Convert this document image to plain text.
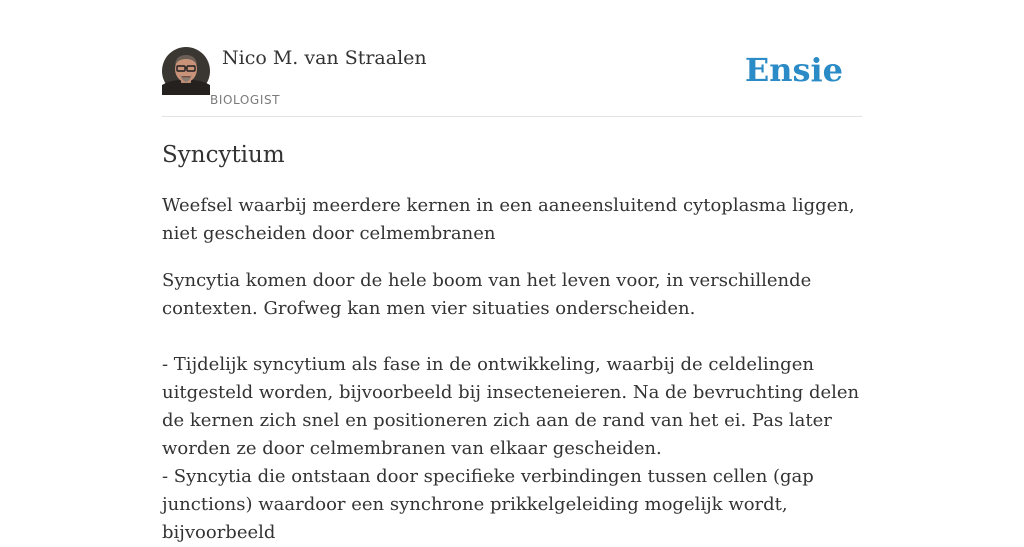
Nico M. van Straalen
BIOLOGIST
Ensie
Syncytium

Weefsel waarbij meerdere kernen in een aaneensluitend cytoplasma liggen, niet gescheiden door celmembranen

Syncytia komen door de hele boom van het leven voor, in verschillende contexten. Grofweg kan men vier situaties onderscheiden.

- Tijdelijk syncytium als fase in de ontwikkeling, waarbij de celdelingen uitgesteld worden, bijvoorbeeld bij insecteneieren. Na de bevruchting delen de kernen zich snel en positioneren zich aan de rand van het ei. Pas later worden ze door celmembranen van elkaar gescheiden.
- Syncytia die ontstaan door specifieke verbindingen tussen cellen (gap junctions) waardoor een synchrone prikkelgeleiding mogelijk wordt, bijvoorbeeld
